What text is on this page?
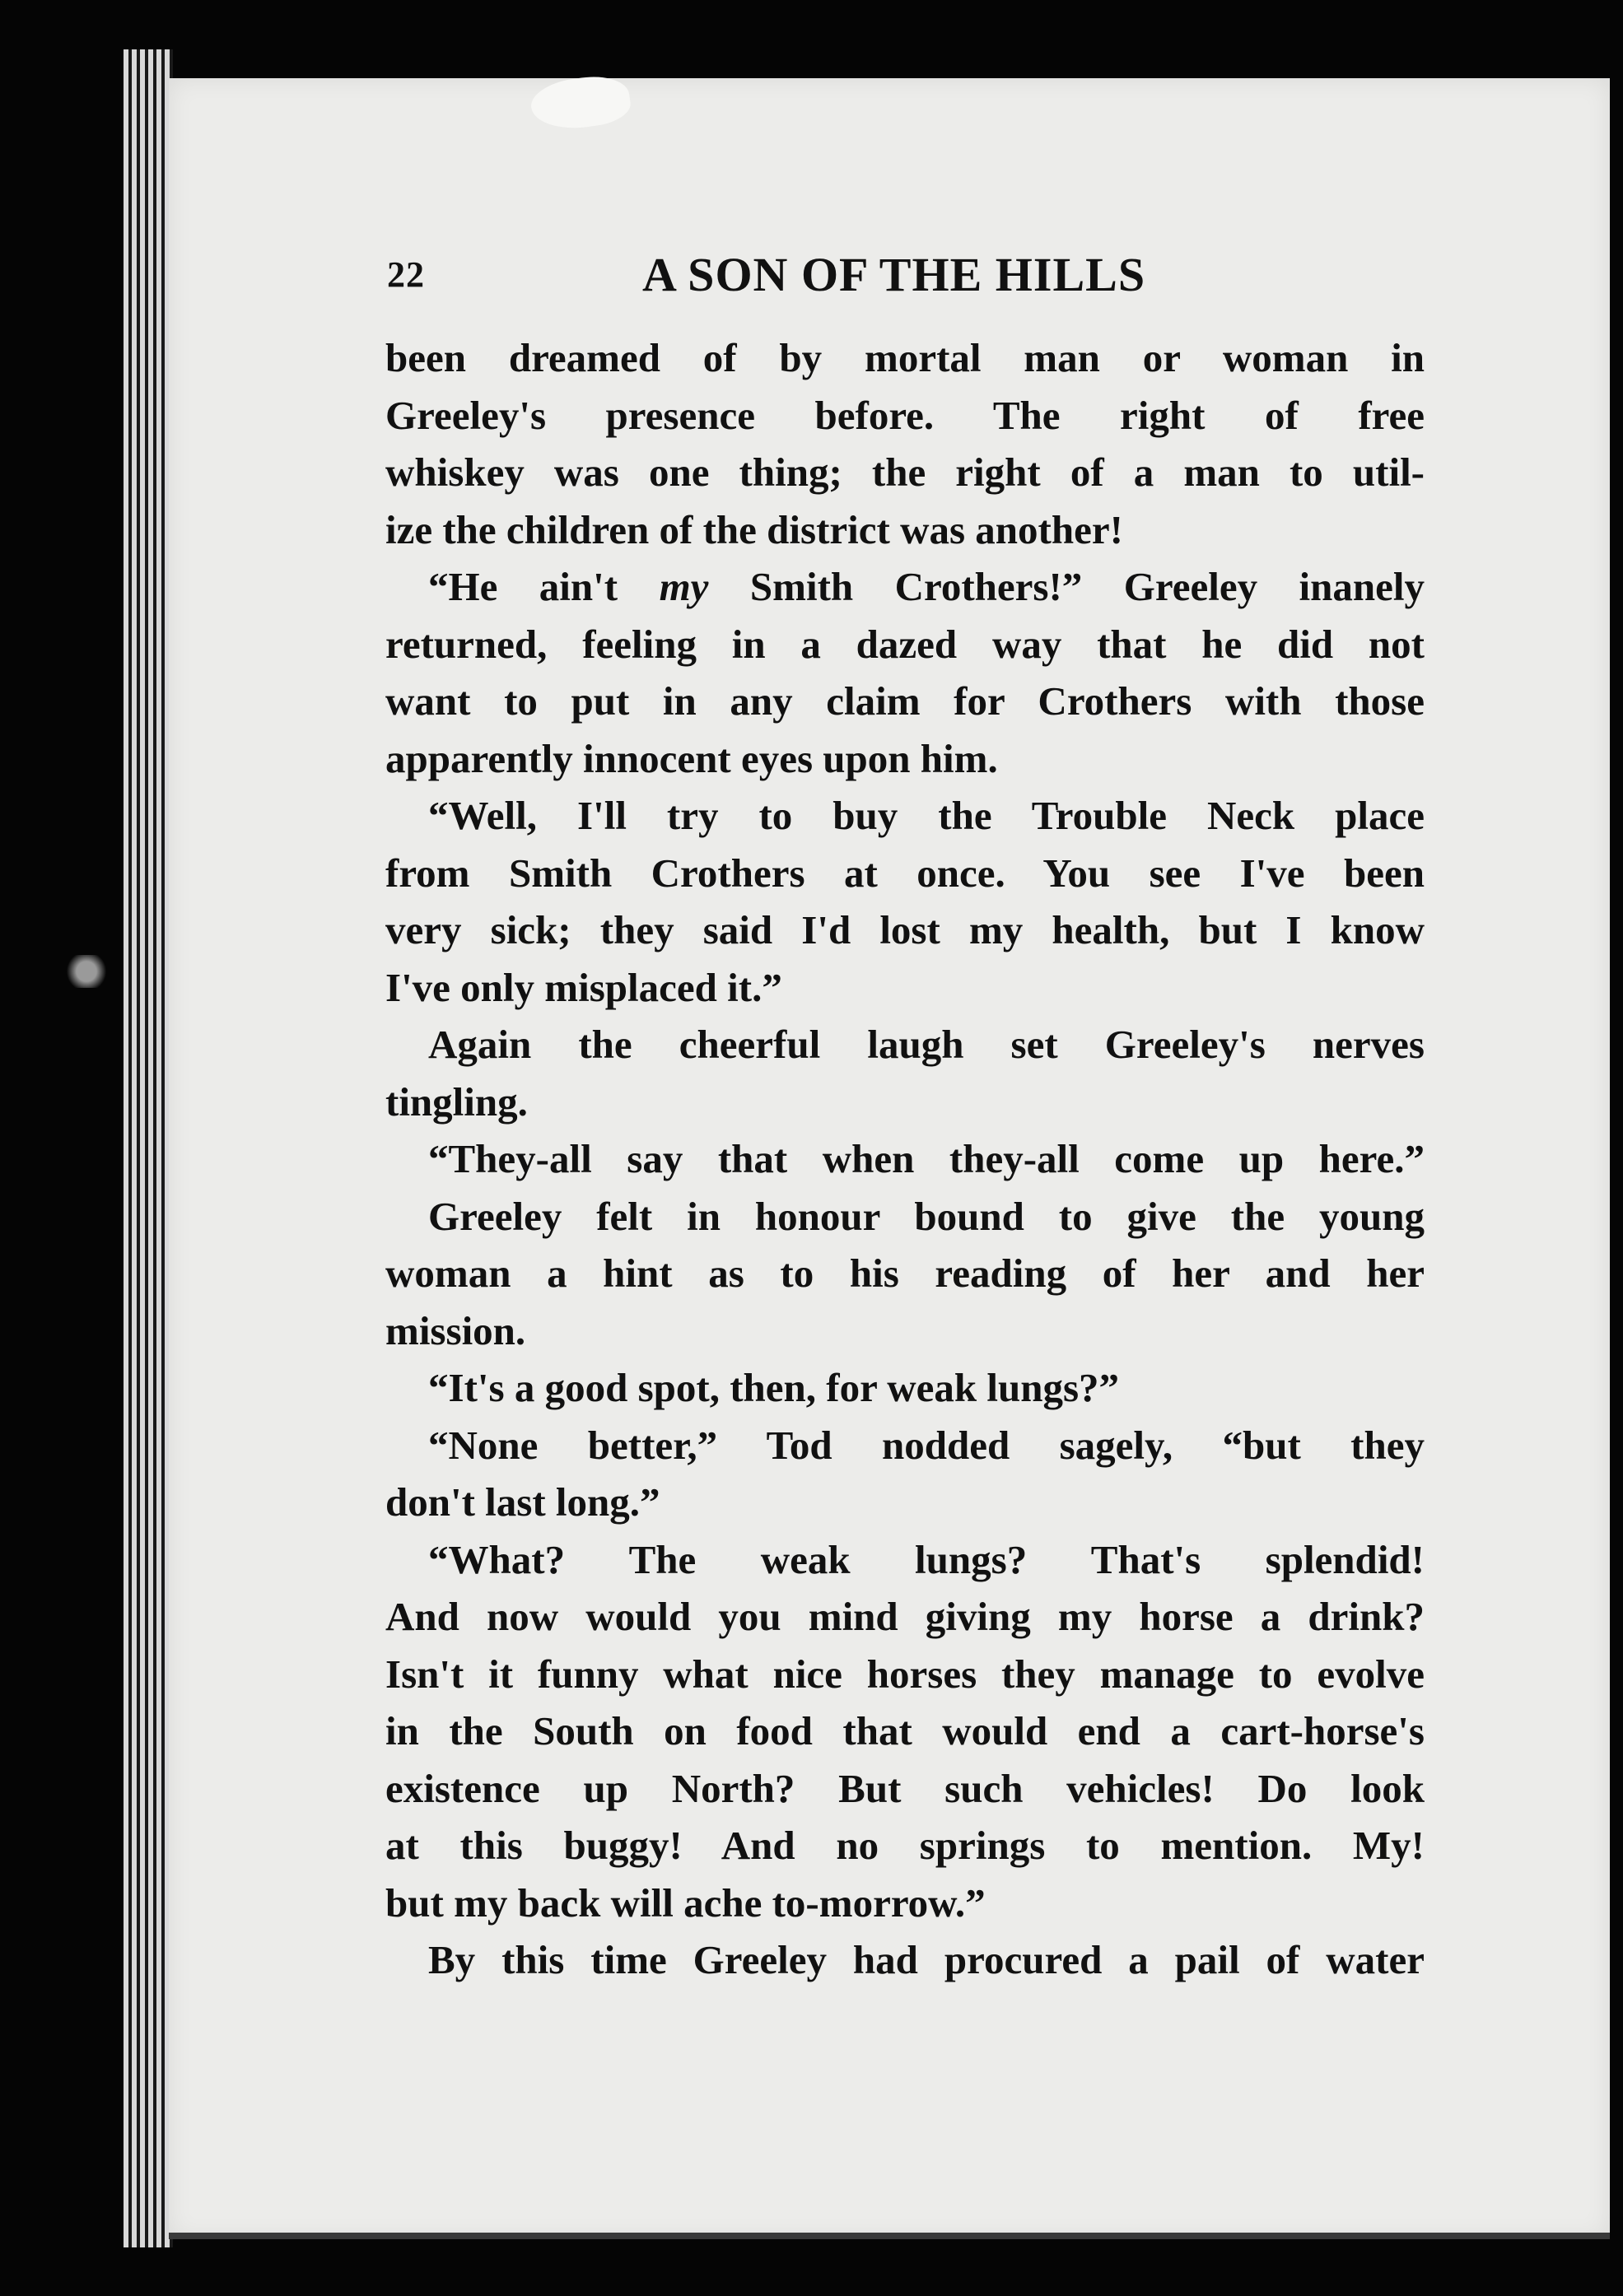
22	A SON OF THE HILLS
been dreamed of by mortal man or woman in
Greeley's presence before. The right of free
whiskey was one thing; the right of a man to util-
ize the children of the district was another!
“He ain't my Smith Crothers!” Greeley inanely
returned, feeling in a dazed way that he did not
want to put in any claim for Crothers with those
apparently innocent eyes upon him.
“Well, I'll try to buy the Trouble Neck place
from Smith Crothers at once. You see I've been
very sick; they said I'd lost my health, but I know
I've only misplaced it.”
Again the cheerful laugh set Greeley's nerves
tingling.
“They-all say that when they-all come up here.”
Greeley felt in honour bound to give the young
woman a hint as to his reading of her and her
mission.
“It's a good spot, then, for weak lungs?”
“None better,” Tod nodded sagely, “but they
don't last long.”
“What? The weak lungs? That's splendid!
And now would you mind giving my horse a drink?
Isn't it funny what nice horses they manage to evolve
in the South on food that would end a cart-horse's
existence up North? But such vehicles! Do look
at this buggy! And no springs to mention. My!
but my back will ache to-morrow.”
By this time Greeley had procured a pail of water
